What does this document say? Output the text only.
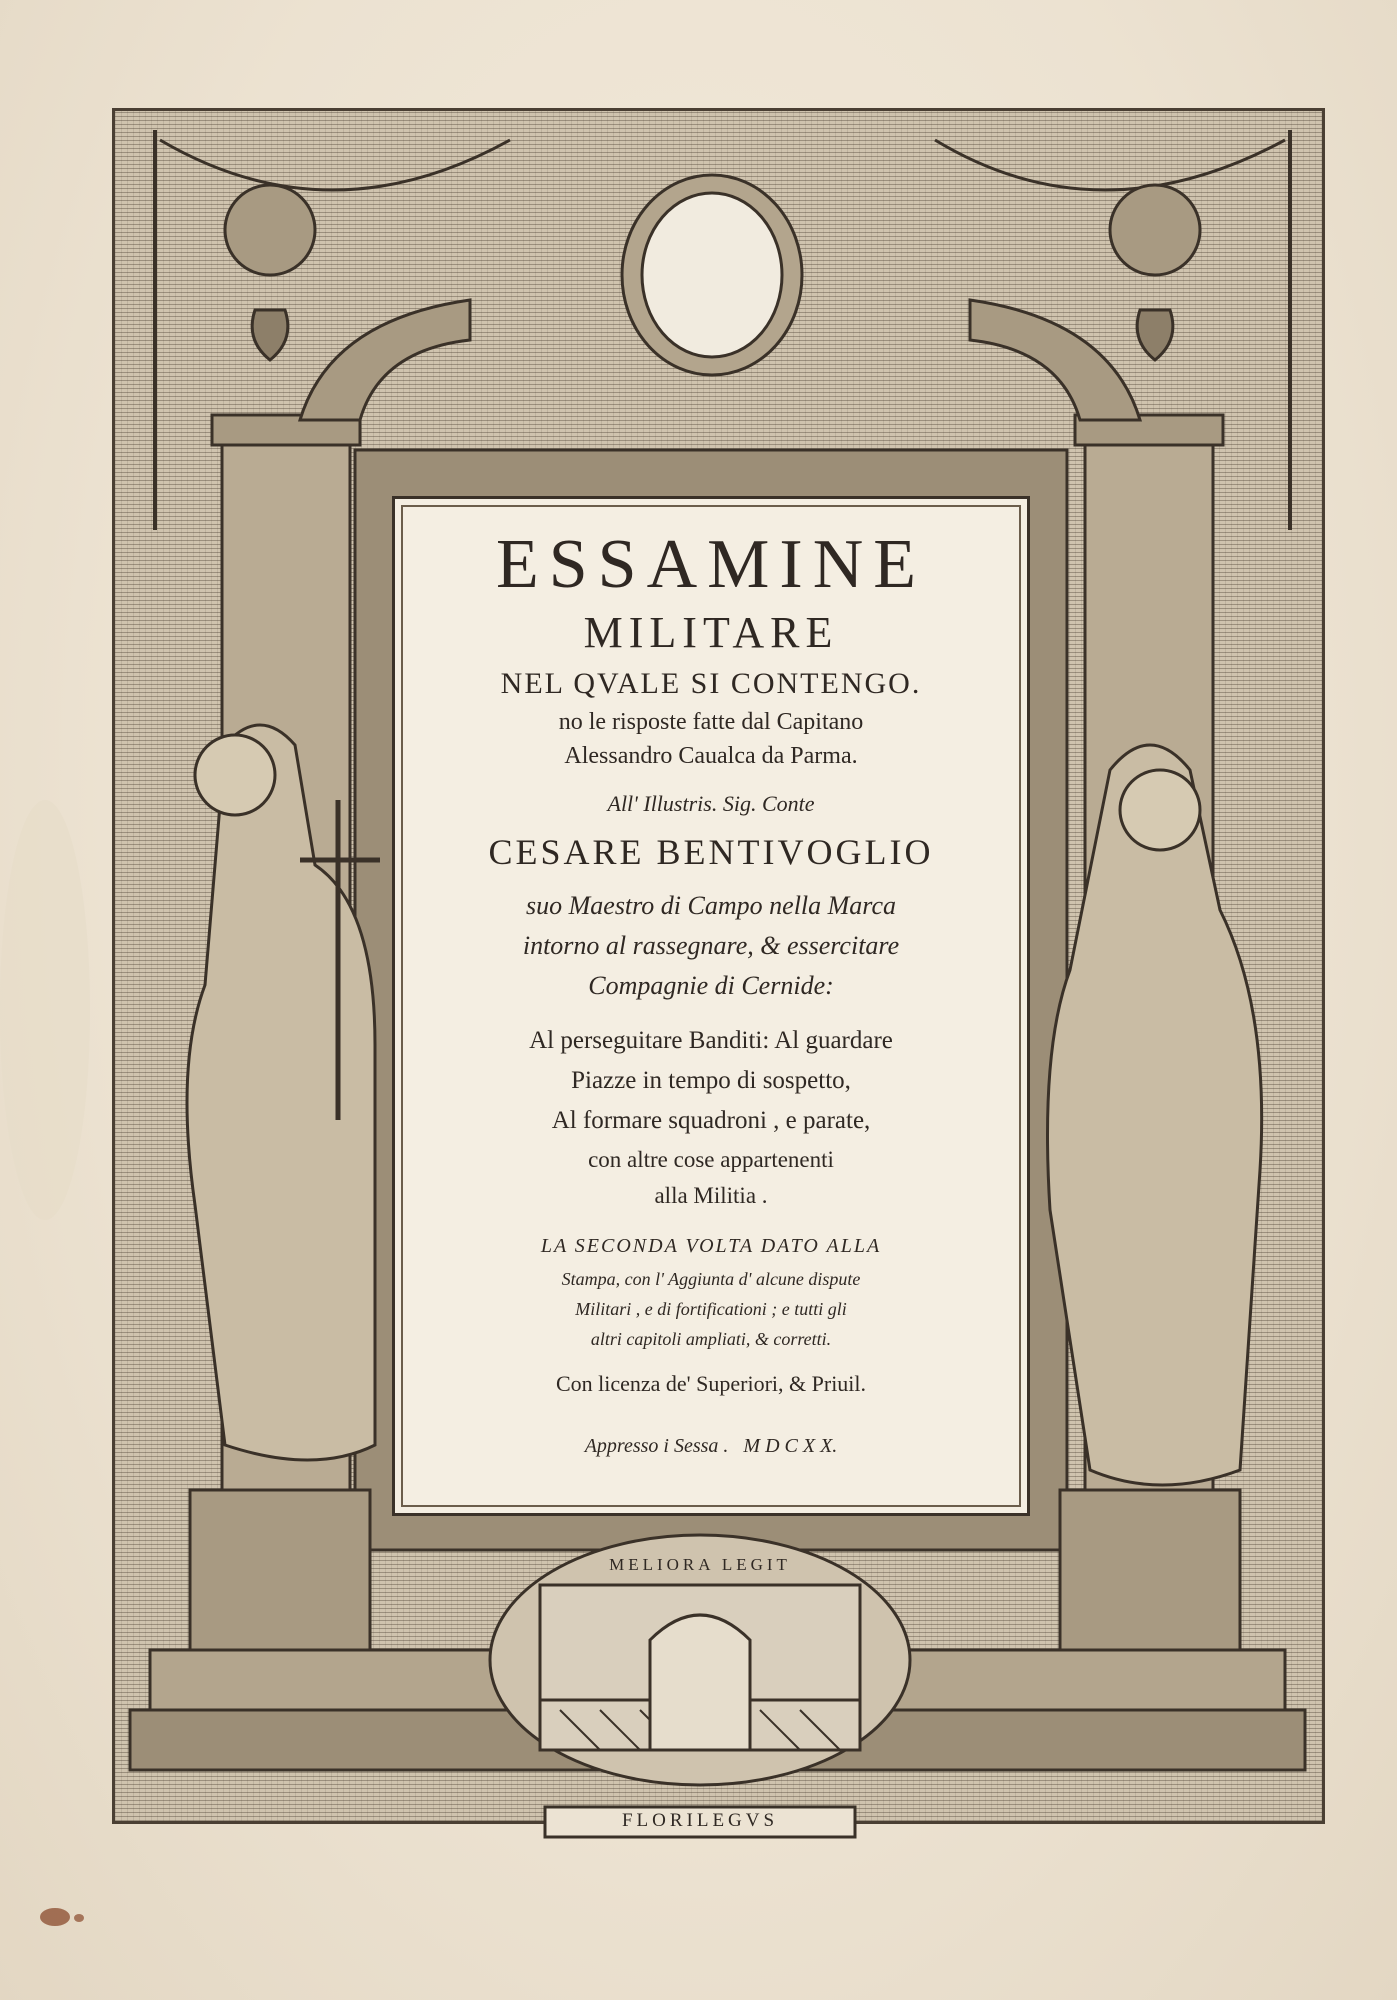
ESSAMINE
MILITARE
NEL QVALE SI CONTENGO.
no le risposte fatte dal Capitano
Alessandro Caualca da Parma.
All' Illustris. Sig. Conte
CESARE BENTIVOGLIO
suo Maestro di Campo nella Marca
intorno al rassegnare, & essercitare
Compagnie di Cernide:
Al perseguitare Banditi: Al guardare
Piazze in tempo di sospetto,
Al formare squadroni , e parate,
con altre cose appartenenti
alla Militia .
LA SECONDA VOLTA DATO ALLA
Stampa, con l' Aggiunta d' alcune dispute
Militari , e di fortificationi ; e tutti gli
altri capitoli ampliati, & corretti.
Con licenza de' Superiori, & Priuil.
Appresso i Sessa .   M D C X X.
MELIORA LEGIT
FLORILEGVS
